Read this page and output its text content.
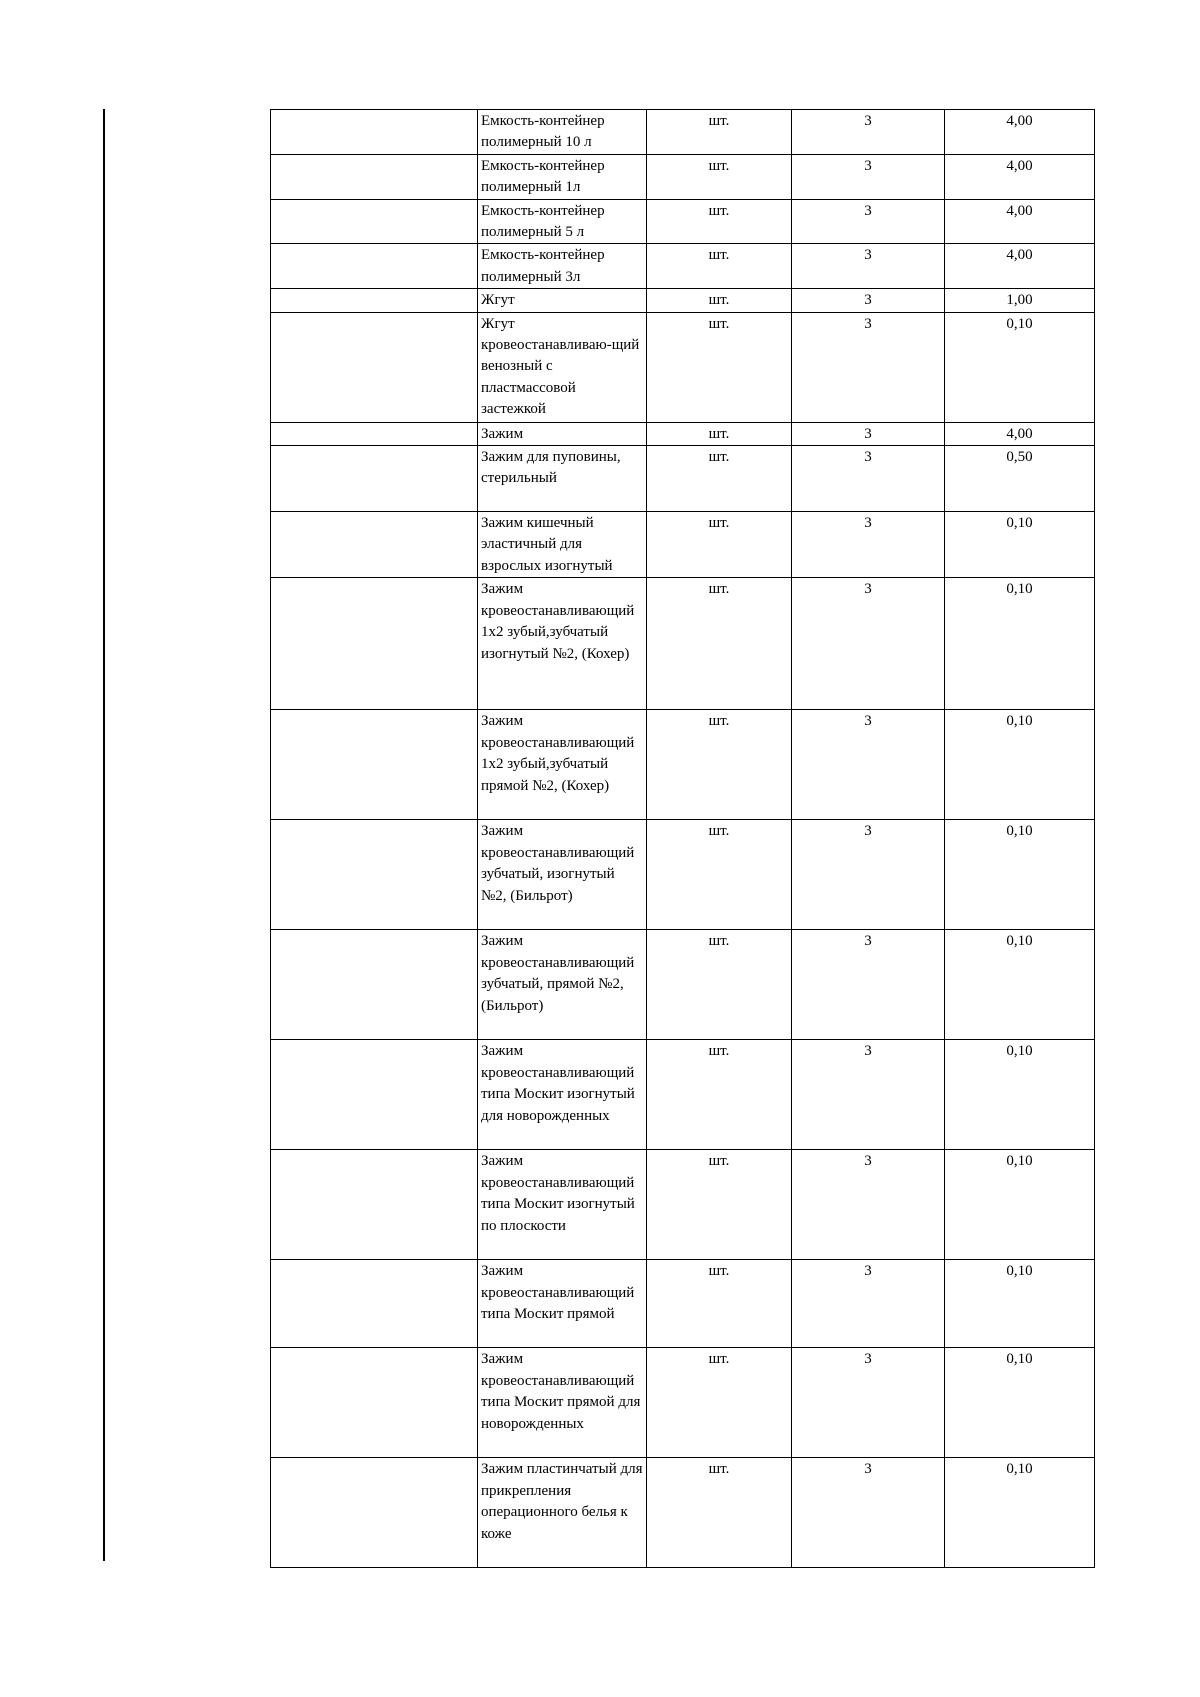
	Емкость-контейнер полимерный 10 л	шт.	3	4,00
	Емкость-контейнер полимерный 1л	шт.	3	4,00
	Емкость-контейнер полимерный 5 л	шт.	3	4,00
	Емкость-контейнер полимерный 3л	шт.	3	4,00
	Жгут	шт.	3	1,00
	Жгут кровеостанавливаю-щий венозный с пластмассовой застежкой	шт.	3	0,10
	Зажим	шт.	3	4,00
	Зажим для пуповины, стерильный	шт.	3	0,50
	Зажим кишечный эластичный для взрослых изогнутый	шт.	3	0,10
	Зажим кровеостанавливающий 1х2 зубый,зубчатый изогнутый №2, (Кохер)	шт.	3	0,10
	Зажим кровеостанавливающий 1х2 зубый,зубчатый прямой №2, (Кохер)	шт.	3	0,10
	Зажим кровеостанавливающий зубчатый, изогнутый №2, (Бильрот)	шт.	3	0,10
	Зажим кровеостанавливающий зубчатый, прямой №2, (Бильрот)	шт.	3	0,10
	Зажим кровеостанавливающий типа Москит изогнутый для новорожденных	шт.	3	0,10
	Зажим кровеостанавливающий типа Москит изогнутый по плоскости	шт.	3	0,10
	Зажим кровеостанавливающий типа Москит прямой	шт.	3	0,10
	Зажим кровеостанавливающий типа Москит прямой для новорожденных	шт.	3	0,10
	Зажим пластинчатый для прикрепления операционного белья к коже	шт.	3	0,10
